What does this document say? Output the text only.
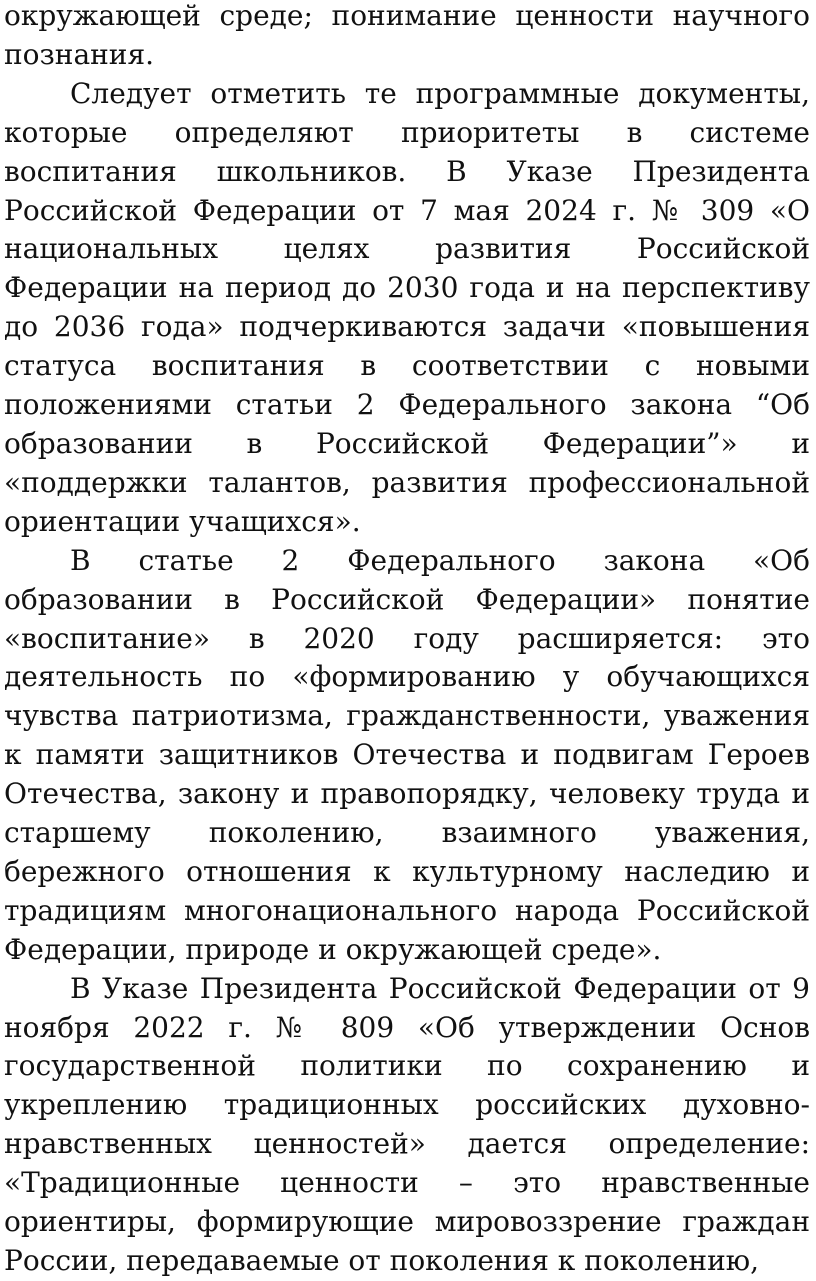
окружающей среде; понимание ценности научного познания.

Следует отметить те программные документы, которые определяют приоритеты в системе воспитания школьников. В Указе Президента Российской Федерации от 7 мая 2024 г. № 309 «О национальных целях развития Российской Федерации на период до 2030 года и на перспективу до 2036 года» подчеркиваются задачи «повышения статуса воспитания в соответствии с новыми положениями статьи 2 Федерального закона “Об образовании в Российской Федерации”» и «поддержки талантов, развития профессиональной ориентации учащихся».

В статье 2 Федерального закона «Об образовании в Российской Федерации» понятие «воспитание» в 2020 году расширяется: это деятельность по «формированию у обучающихся чувства патриотизма, гражданственности, уважения к памяти защитников Отечества и подвигам Героев Отечества, закону и правопорядку, человеку труда и старшему поколению, взаимного уважения, бережного отношения к культурному наследию и традициям многонационального народа Российской Федерации, природе и окружающей среде».

В Указе Президента Российской Федерации от 9 ноября 2022 г. № 809 «Об утверждении Основ государственной политики по сохранению и укреплению традиционных российских духовно-нравственных ценностей» дается определение: «Традиционные ценности – это нравственные ориентиры, формирующие мировоззрение граждан России, передаваемые от поколения к поколению,
